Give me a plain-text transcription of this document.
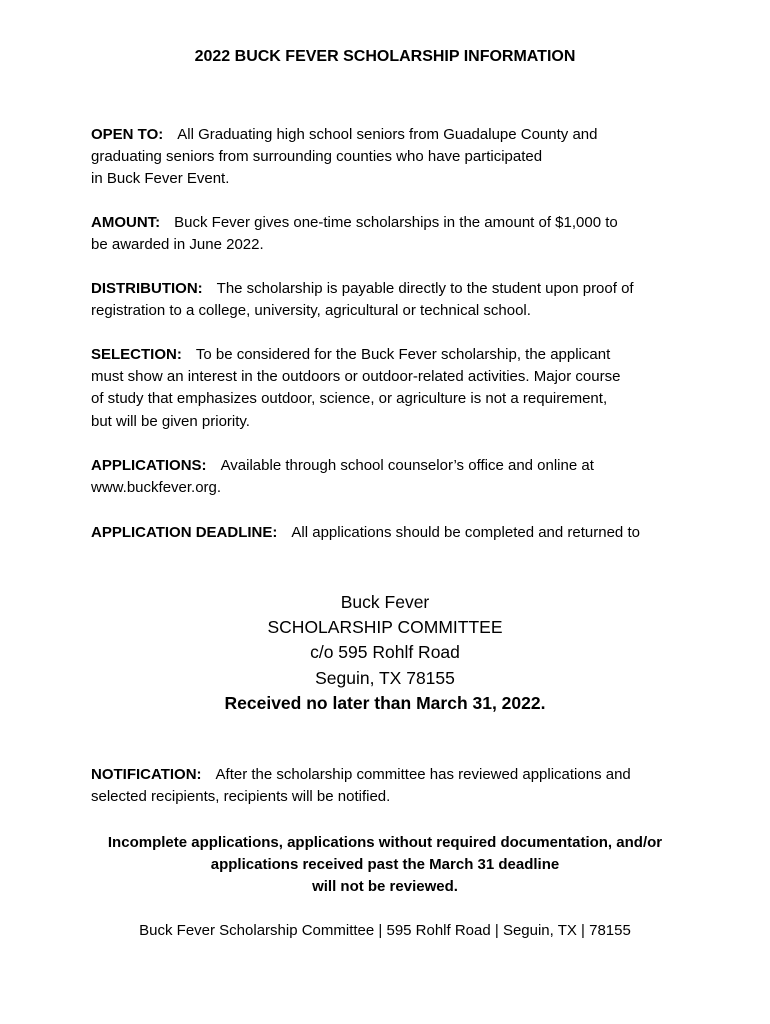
2022 BUCK FEVER SCHOLARSHIP INFORMATION
OPEN TO: All Graduating high school seniors from Guadalupe County and
graduating seniors from surrounding counties who have participated
in Buck Fever Event.
AMOUNT: Buck Fever gives one-time scholarships in the amount of $1,000 to
be awarded in June 2022.
DISTRIBUTION: The scholarship is payable directly to the student upon proof of
registration to a college, university, agricultural or technical school.
SELECTION: To be considered for the Buck Fever scholarship, the applicant
must show an interest in the outdoors or outdoor-related activities. Major course
of study that emphasizes outdoor, science, or agriculture is not a requirement,
but will be given priority.
APPLICATIONS: Available through school counselor’s office and online at
www.buckfever.org.
APPLICATION DEADLINE: All applications should be completed and returned to
Buck Fever
SCHOLARSHIP COMMITTEE
c/o 595 Rohlf Road
Seguin, TX 78155
Received no later than March 31, 2022.
NOTIFICATION: After the scholarship committee has reviewed applications and
selected recipients, recipients will be notified.
Incomplete applications, applications without required documentation, and/or
applications received past the March 31 deadline
will not be reviewed.
Buck Fever Scholarship Committee | 595 Rohlf Road | Seguin, TX | 78155
